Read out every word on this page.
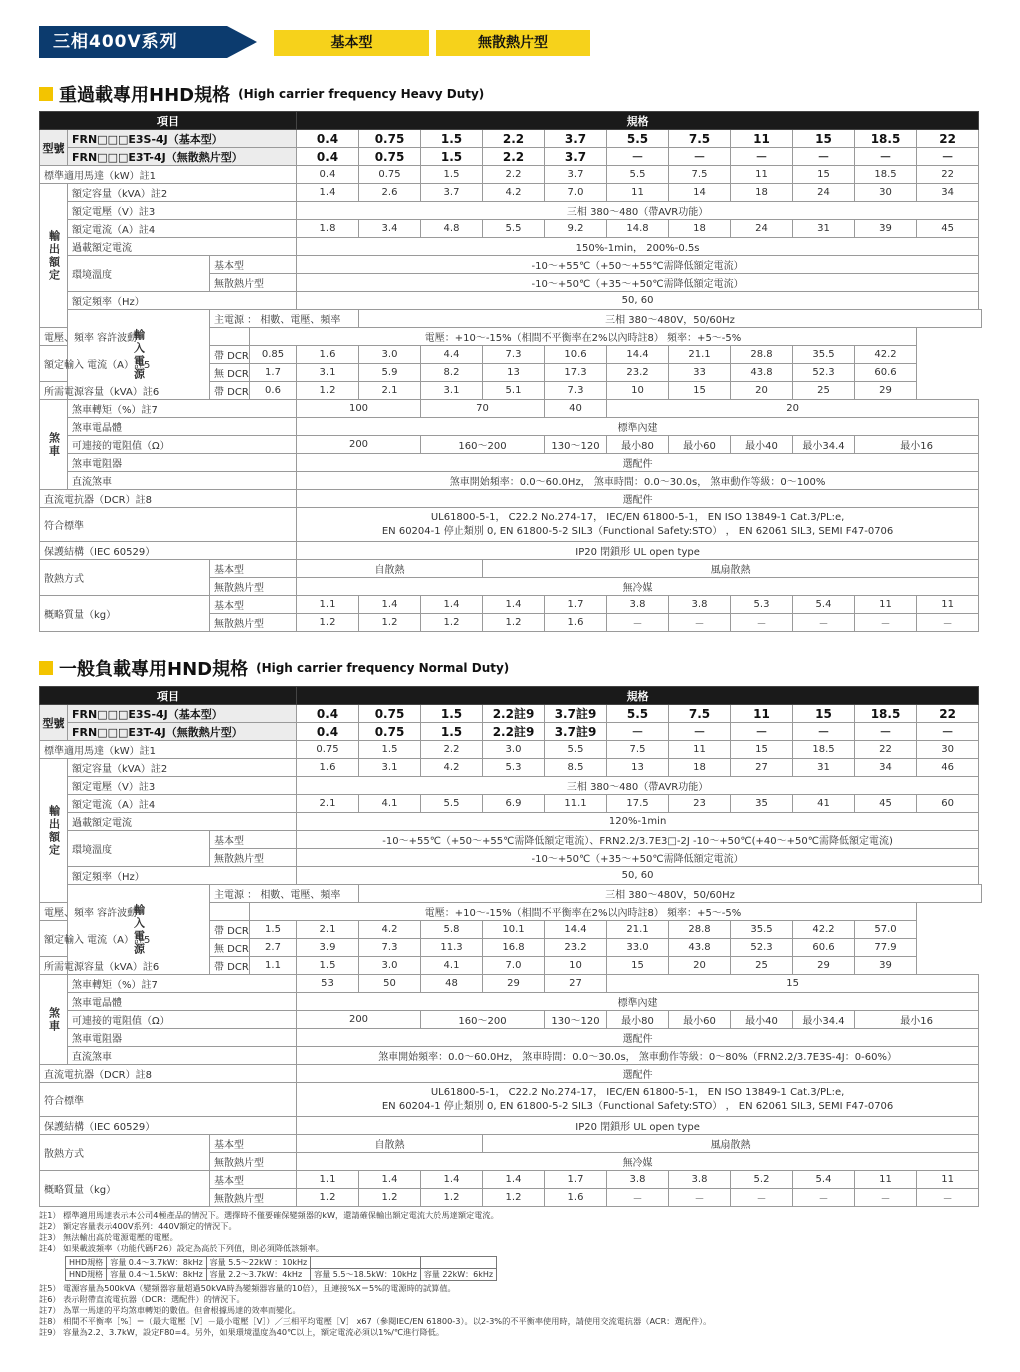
三相400V系列	基本型	無散熱片型
重過載專用HHD規格 (High carrier frequency Heavy Duty)
項目				規格										
型號	FRN□□□E3S-4J（基本型）			0.4	0.75	1.5	2.2	3.7	5.5	7.5	11	15	18.5	22
	FRN□□□E3T-4J（無散熱片型）			0.4	0.75	1.5	2.2	3.7	－	－	－	－	－	－
標準適用馬達（kW）註1				0.4	0.75	1.5	2.2	3.7	5.5	7.5	11	15	18.5	22
輸出額定	額定容量（kVA）註2			1.4	2.6	3.7	4.2	7.0	11	14	18	24	30	34
	額定電壓（V）註3			三相 380～480（帶AVR功能）										
	額定電流（A）註4			1.8	3.4	4.8	5.5	9.2	14.8	18	24	31	39	45
	過載額定電流			150%-1min， 200%-0.5s										
	環境溫度	基本型		-10～+55℃（+50～+55℃需降低額定電流）										
		無散熱片型		-10～+50℃（+35～+50℃需降低額定電流）										
	額定頻率（Hz）			50, 60										
	輸入電源	主電源 ： 相數、電壓、頻率			三相 380～480V，50/60Hz									
電壓、頻率 容許波動			電壓：+10～-15%（相間不平衡率在2%以內時註8） 頻率：+5～-5%											
額定輸入 電流（A）註5		帶 DCR	0.85	1.6	3.0	4.4	7.3	10.6	14.4	21.1	28.8	35.5	42.2	
		無 DCR	1.7	3.1	5.9	8.2	13	17.3	23.2	33	43.8	52.3	60.6	
所需電源容量（kVA）註6		帶 DCR	0.6	1.2	2.1	3.1	5.1	7.3	10	15	20	25	29	
煞車	煞車轉矩（%）註7			100		70		40	20					
	煞車電晶體			標準內建										
	可連接的電阻值（Ω）			200		160～200		130～120	最小80	最小60	最小40	最小34.4	最小16	
	煞車電阻器			選配件										
	直流煞車			煞車開始頻率：0.0～60.0Hz， 煞車時間：0.0～30.0s， 煞車動作等級：0～100%										
直流電抗器（DCR）註8				選配件										
符合標準				UL61800-5-1， C22.2 No.274-17， IEC/EN 61800-5-1， EN ISO 13849-1 Cat.3/PL:e,
EN 60204-1 停止類別 0, EN 61800-5-2 SIL3（Functional Safety:STO） ， EN 62061 SIL3, SEMI F47-0706										

保護結構（IEC 60529）				IP20 閉鎖形 UL open type										
散熱方式		基本型		自散熱			風扇散熱							
		無散熱片型		無冷媒										
概略質量（kg）		基本型		1.1	1.4	1.4	1.4	1.7	3.8	3.8	5.3	5.4	11	11
		無散熱片型		1.2	1.2	1.2	1.2	1.6	－	－	－	－	－	－
一般負載專用HND規格 (High carrier frequency Normal Duty)
項目				規格										
型號	FRN□□□E3S-4J（基本型）			0.4	0.75	1.5	2.2註9	3.7註9	5.5	7.5	11	15	18.5	22
	FRN□□□E3T-4J（無散熱片型）			0.4	0.75	1.5	2.2註9	3.7註9	－	－	－	－	－	－
標準適用馬達（kW）註1				0.75	1.5	2.2	3.0	5.5	7.5	11	15	18.5	22	30
輸出額定	額定容量（kVA）註2			1.6	3.1	4.2	5.3	8.5	13	18	27	31	34	46
	額定電壓（V）註3			三相 380～480（帶AVR功能）										
	額定電流（A）註4			2.1	4.1	5.5	6.9	11.1	17.5	23	35	41	45	60
	過載額定電流			120%-1min										
	環境溫度	基本型		-10～+55℃（+50～+55℃需降低額定電流）、FRN2.2/3.7E3□-2J -10～+50℃(+40～+50℃需降低額定電流)										
		無散熱片型		-10～+50℃（+35～+50℃需降低額定電流）										
	額定頻率（Hz）			50, 60										
	輸入電源	主電源 ： 相數、電壓、頻率			三相 380～480V，50/60Hz									
電壓、頻率 容許波動			電壓：+10～-15%（相間不平衡率在2%以內時註8） 頻率：+5～-5%											
額定輸入 電流（A）註5		帶 DCR	1.5	2.1	4.2	5.8	10.1	14.4	21.1	28.8	35.5	42.2	57.0	
		無 DCR	2.7	3.9	7.3	11.3	16.8	23.2	33.0	43.8	52.3	60.6	77.9	
所需電源容量（kVA）註6		帶 DCR	1.1	1.5	3.0	4.1	7.0	10	15	20	25	29	39	
煞車	煞車轉矩（%）註7			53	50	48	29	27	15					
	煞車電晶體			標準內建										
	可連接的電阻值（Ω）			200		160～200		130～120	最小80	最小60	最小40	最小34.4	最小16	
	煞車電阻器			選配件										
	直流煞車			煞車開始頻率：0.0～60.0Hz， 煞車時間：0.0～30.0s， 煞車動作等級：0～80%（FRN2.2/3.7E3S-4J：0-60%）										
直流電抗器（DCR）註8				選配件										
符合標準				UL61800-5-1， C22.2 No.274-17， IEC/EN 61800-5-1， EN ISO 13849-1 Cat.3/PL:e,
EN 60204-1 停止類別 0, EN 61800-5-2 SIL3（Functional Safety:STO） ， EN 62061 SIL3, SEMI F47-0706										

保護結構（IEC 60529）				IP20 閉鎖形 UL open type										
散熱方式		基本型		自散熱			風扇散熱							
		無散熱片型		無冷媒										
概略質量（kg）		基本型		1.1	1.4	1.4	1.4	1.7	3.8	3.8	5.2	5.4	11	11
		無散熱片型		1.2	1.2	1.2	1.2	1.6	－	－	－	－	－	－
註1） 標準適用馬達表示本公司4極產品的情況下。選擇時不僅要確保變頻器的kW，還請確保輸出額定電流大於馬達額定電流。
註2） 額定容量表示400V系列：440V額定的情況下。
註3） 無法輸出高於電源電壓的電壓。
註4） 如果載波頻率（功能代碼F26）設定為高於下列值，則必須降低該頻率。
HHD規格	容量 0.4～3.7kW：8kHz	容量 5.5～22kW ：10kHz		
HND規格	容量 0.4～1.5kW：8kHz	容量 2.2～3.7kW：4kHz	容量 5.5～18.5kW：10kHz	容量 22kW：6kHz
註5） 電源容量為500kVA（變頻器容量超過50kVA時為變頻器容量的10倍），且連接%X＝5%的電源時的試算值。
註6） 表示附帶直流電抗器（DCR：選配件）的情況下。
註7） 為單一馬達的平均煞車轉矩的數值。但會根據馬達的效率而變化。
註8） 相間不平衡率［%］＝（最大電壓［V］－最小電壓［V］）／三相平均電壓［V］ x67（參閱IEC/EN 61800-3）。以2-3%的不平衡率使用時，請使用交流電抗器（ACR：選配件）。
註9） 容量為2.2、3.7kW，設定F80=4。另外，如果環境溫度為40℃以上，額定電流必須以1%/℃進行降低。
